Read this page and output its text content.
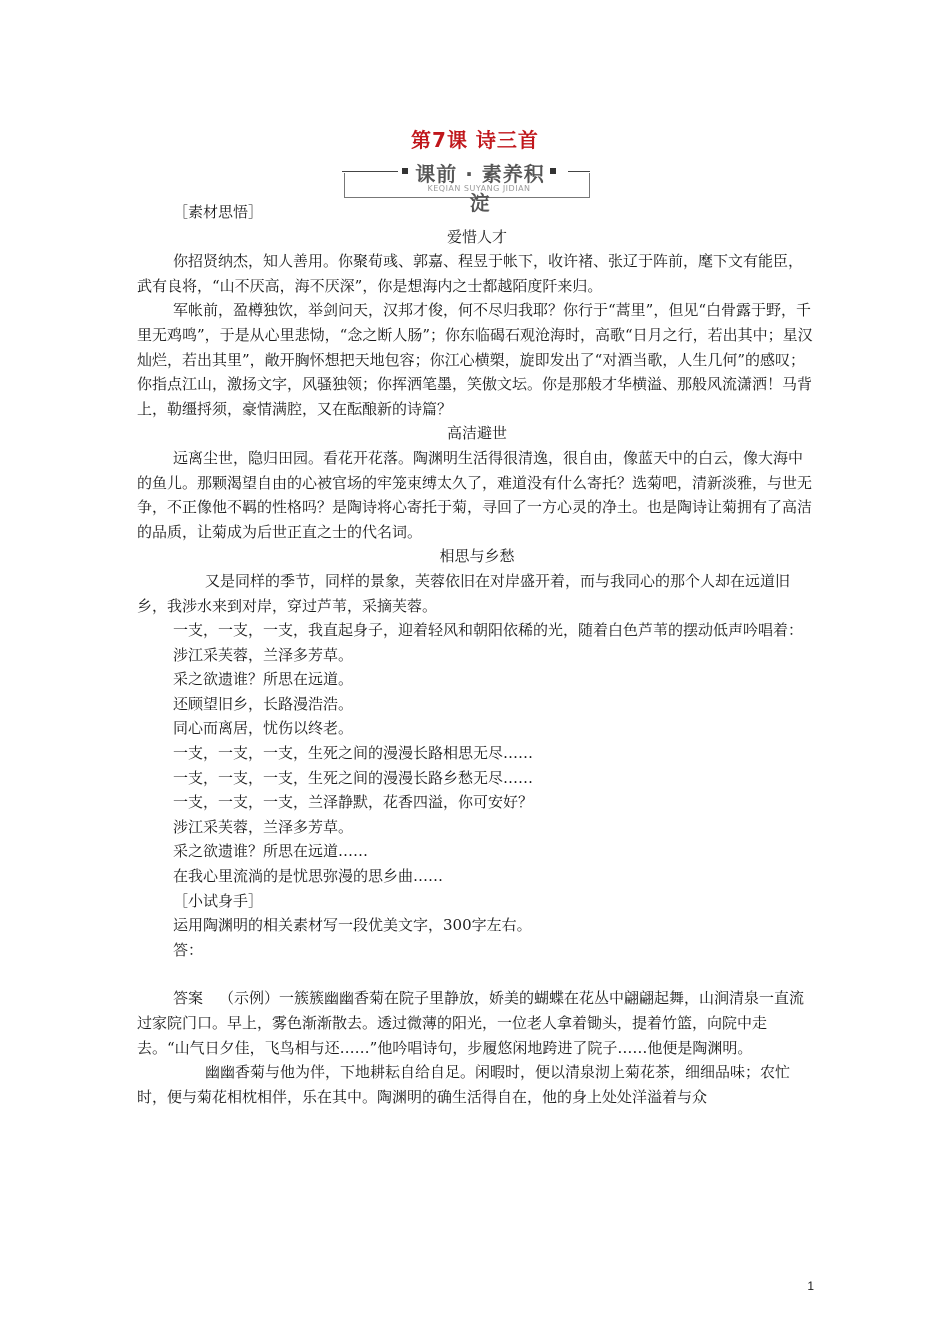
第7课 诗三首
课前 · 素养积淀
KEQIAN SUYANG JIDIAN

［素材思悟］

爱惜人才

你招贤纳杰，知人善用。你聚荀彧、郭嘉、程昱于帐下，收许褚、张辽于阵前，麾下文有能臣，武有良将，“山不厌高，海不厌深”，你是想海内之士都越陌度阡来归。

军帐前，盈樽独饮，举剑问天，汉邦才俊，何不尽归我耶？你行于“蒿里”，但见“白骨露于野，千里无鸡鸣”，于是从心里悲恸，“念之断人肠”；你东临碣石观沧海时，高歌“日月之行，若出其中；星汉灿烂，若出其里”，敞开胸怀想把天地包容；你江心横槊，旋即发出了“对酒当歌，人生几何”的感叹；你指点江山，激扬文字，风骚独领；你挥洒笔墨，笑傲文坛。你是那般才华横溢、那般风流潇洒！马背上，勒缰捋须，豪情满腔，又在酝酿新的诗篇？

高洁避世

远离尘世，隐归田园。看花开花落。陶渊明生活得很清逸，很自由，像蓝天中的白云，像大海中的鱼儿。那颗渴望自由的心被官场的牢笼束缚太久了，难道没有什么寄托？选菊吧，清新淡雅，与世无争，不正像他不羁的性格吗？是陶诗将心寄托于菊，寻回了一方心灵的净土。也是陶诗让菊拥有了高洁的品质，让菊成为后世正直之士的代名词。

相思与乡愁

又是同样的季节，同样的景象，芙蓉依旧在对岸盛开着，而与我同心的那个人却在远道旧乡，我涉水来到对岸，穿过芦苇，采摘芙蓉。

一支，一支，一支，我直起身子，迎着轻风和朝阳依稀的光，随着白色芦苇的摆动低声吟唱着：

涉江采芙蓉，兰泽多芳草。

采之欲遗谁？所思在远道。

还顾望旧乡，长路漫浩浩。

同心而离居，忧伤以终老。

一支，一支，一支，生死之间的漫漫长路相思无尽……

一支，一支，一支，生死之间的漫漫长路乡愁无尽……

一支，一支，一支，兰泽静默，花香四溢，你可安好？

涉江采芙蓉，兰泽多芳草。

采之欲遗谁？所思在远道……

在我心里流淌的是忧思弥漫的思乡曲……

［小试身手］

运用陶渊明的相关素材写一段优美文字，300字左右。

答：

答案 （示例）一簇簇幽幽香菊在院子里静放，娇美的蝴蝶在花丛中翩翩起舞，山涧清泉一直流过家院门口。早上，雾色渐渐散去。透过微薄的阳光，一位老人拿着锄头，提着竹篮，向院中走去。“山气日夕佳，飞鸟相与还……”他吟唱诗句，步履悠闲地跨进了院子……他便是陶渊明。

幽幽香菊与他为伴，下地耕耘自给自足。闲暇时，便以清泉沏上菊花茶，细细品味；农忙时，便与菊花相枕相伴，乐在其中。陶渊明的确生活得自在，他的身上处处洋溢着与众

1
